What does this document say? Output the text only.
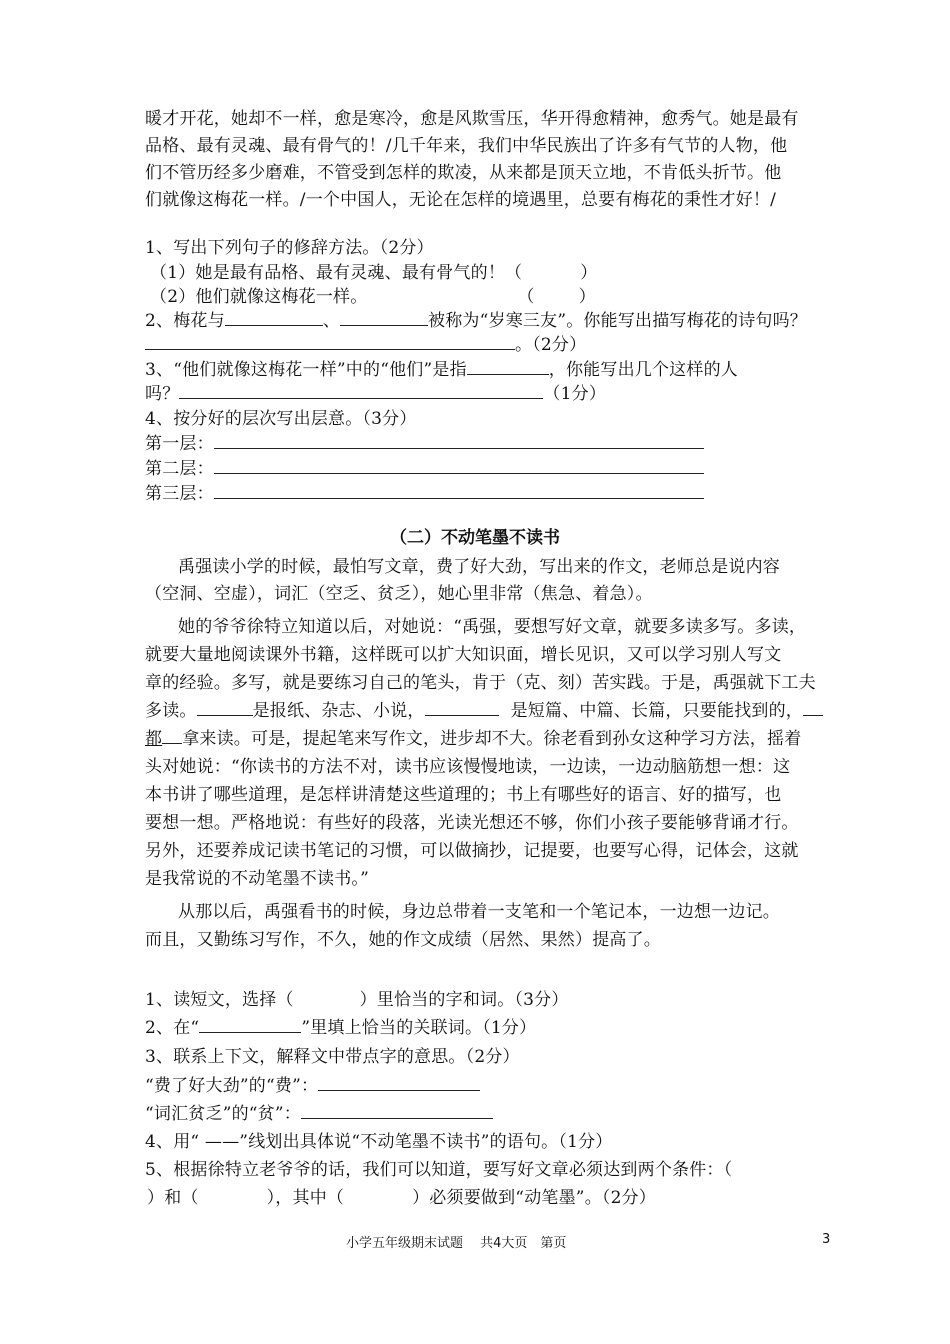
暖才开花，她却不一样，愈是寒冷，愈是风欺雪压，华开得愈精神，愈秀气。她是最有
品格、最有灵魂、最有骨气的！/几千年来，我们中华民族出了许多有气节的人物，他
们不管历经多少磨难，不管受到怎样的欺凌，从来都是顶天立地，不肯低头折节。他
们就像这梅花一样。/一个中国人，无论在怎样的境遇里，总要有梅花的秉性才好！/
1、写出下列句子的修辞方法。（2分）
（1）她是最有品格、最有灵魂、最有骨气的！（	）
（2）他们就像这梅花一样。	（	）
2、梅花与	、	被称为“岁寒三友”。你能写出描写梅花的诗句吗？
。（2分）
3、“他们就像这梅花一样”中的“他们”是指	，你能写出几个这样的人
吗？	（1分）
4、按分好的层次写出层意。（3分）
第一层：
第二层：
第三层：
（二）不动笔墨不读书
禹强读小学的时候，最怕写文章，费了好大劲，写出来的作文，老师总是说内容
（空洞、空虚），词汇（空乏、贫乏），她心里非常（焦急、着急）。
她的爷爷徐特立知道以后，对她说：“禹强，要想写好文章，就要多读多写。多读，
就要大量地阅读课外书籍，这样既可以扩大知识面，增长见识，又可以学习别人写文
章的经验。多写，就是要练习自己的笔头，肯于（克、刻）苦实践。于是，禹强就下工夫
多读。	是报纸、杂志、小说，	是短篇、中篇、长篇，只要能找到的，
都 拿来读。可是，提起笔来写作文，进步却不大。徐老看到孙女这种学习方法，摇着
头对她说：“你读书的方法不对，读书应该慢慢地读，一边读，一边动脑筋想一想：这
本书讲了哪些道理，是怎样讲清楚这些道理的；书上有哪些好的语言、好的描写，也
要想一想。严格地说：有些好的段落，光读光想还不够，你们小孩子要能够背诵才行。
另外，还要养成记读书笔记的习惯，可以做摘抄，记提要，也要写心得，记体会，这就
是我常说的不动笔墨不读书。”
从那以后，禹强看书的时候，身边总带着一支笔和一个笔记本，一边想一边记。
而且，又勤练习写作，不久，她的作文成绩（居然、果然）提高了。
1、读短文，选择（	）里恰当的字和词。（3分）
2、在“	”里填上恰当的关联词。（1分）
3、联系上下文，解释文中带点字的意思。（2分）
“费了好大劲”的“费”：
“词汇贫乏”的“贫”：
4、用“ ——”线划出具体说“不动笔墨不读书”的语句。（1分）
5、根据徐特立老爷爷的话，我们可以知道，要写好文章必须达到两个条件：（
）和（	），其中（	）必须要做到“动笔墨”。（2分）
小学五年级期末试题　 共4大页　第页	3
